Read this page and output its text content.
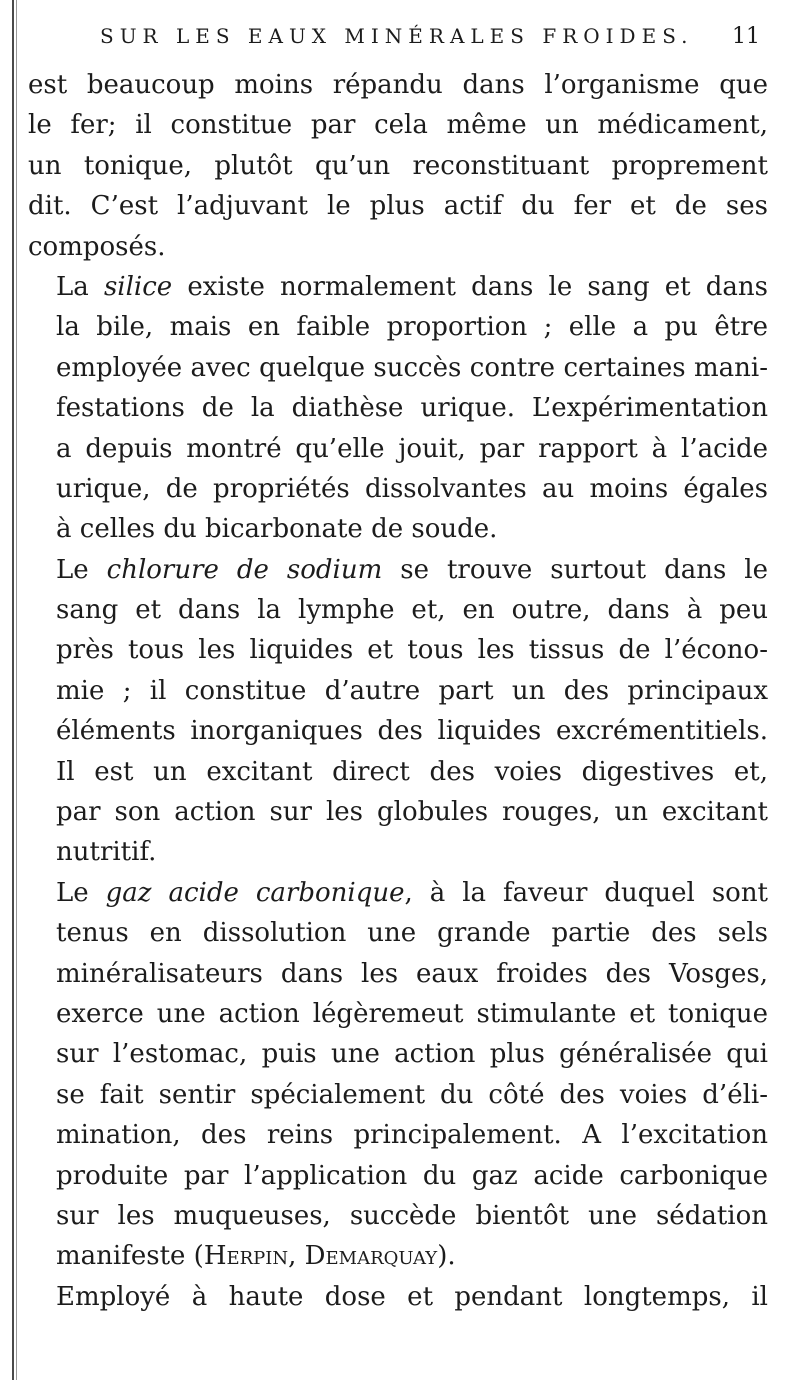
SUR LES EAUX MINÉRALES FROIDES. 11
est beaucoup moins répandu dans l’organisme que
le fer; il constitue par cela même un médicament,
un tonique, plutôt qu’un reconstituant proprement
dit. C’est l’adjuvant le plus actif du fer et de ses
composés.
La silice existe normalement dans le sang et dans
la bile, mais en faible proportion ; elle a pu être
employée avec quelque succès contre certaines mani-
festations de la diathèse urique. L’expérimentation
a depuis montré qu’elle jouit, par rapport à l’acide
urique, de propriétés dissolvantes au moins égales
à celles du bicarbonate de soude.
Le chlorure de sodium se trouve surtout dans le
sang et dans la lymphe et, en outre, dans à peu
près tous les liquides et tous les tissus de l’écono-
mie ; il constitue d’autre part un des principaux
éléments inorganiques des liquides excrémentitiels.
Il est un excitant direct des voies digestives et,
par son action sur les globules rouges, un excitant
nutritif.
Le gaz acide carbonique, à la faveur duquel sont
tenus en dissolution une grande partie des sels
minéralisateurs dans les eaux froides des Vosges,
exerce une action légèremeut stimulante et tonique
sur l’estomac, puis une action plus généralisée qui
se fait sentir spécialement du côté des voies d’éli-
mination, des reins principalement. A l’excitation
produite par l’application du gaz acide carbonique
sur les muqueuses, succède bientôt une sédation
manifeste (Herpin, Demarquay).
Employé à haute dose et pendant longtemps, il
